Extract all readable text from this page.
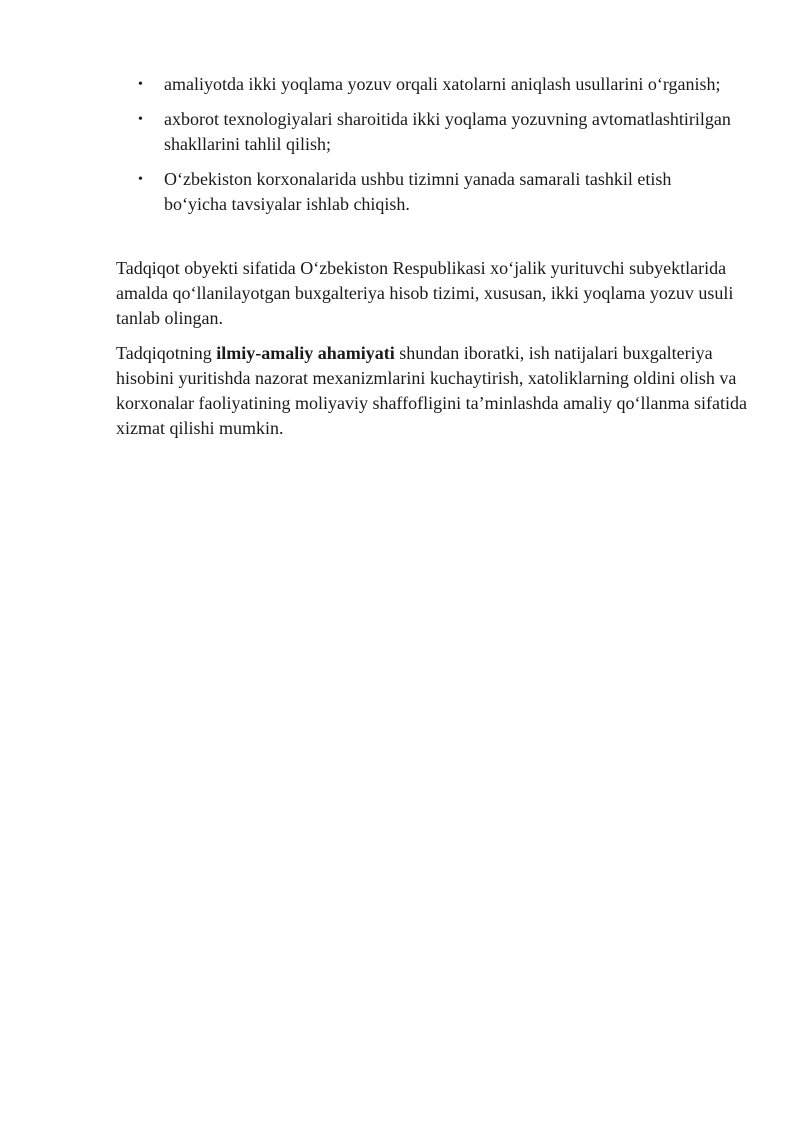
• amaliyotda ikki yoqlama yozuv orqali xatolarni aniqlash usullarini o‘rganish;
• axborot texnologiyalari sharoitida ikki yoqlama yozuvning avtomatlashtirilgan shakllarini tahlil qilish;
• O‘zbekiston korxonalarida ushbu tizimni yanada samarali tashkil etish bo‘yicha tavsiyalar ishlab chiqish.

Tadqiqot obyekti sifatida O‘zbekiston Respublikasi xo‘jalik yurituvchi subyektlarida amalda qo‘llanilayotgan buxgalteriya hisob tizimi, xususan, ikki yoqlama yozuv usuli tanlab olingan.

Tadqiqotning ilmiy-amaliy ahamiyati shundan iboratki, ish natijalari buxgalteriya hisobini yuritishda nazorat mexanizmlarini kuchaytirish, xatoliklarning oldini olish va korxonalar faoliyatining moliyaviy shaffofligini ta’minlashda amaliy qo‘llanma sifatida xizmat qilishi mumkin.
